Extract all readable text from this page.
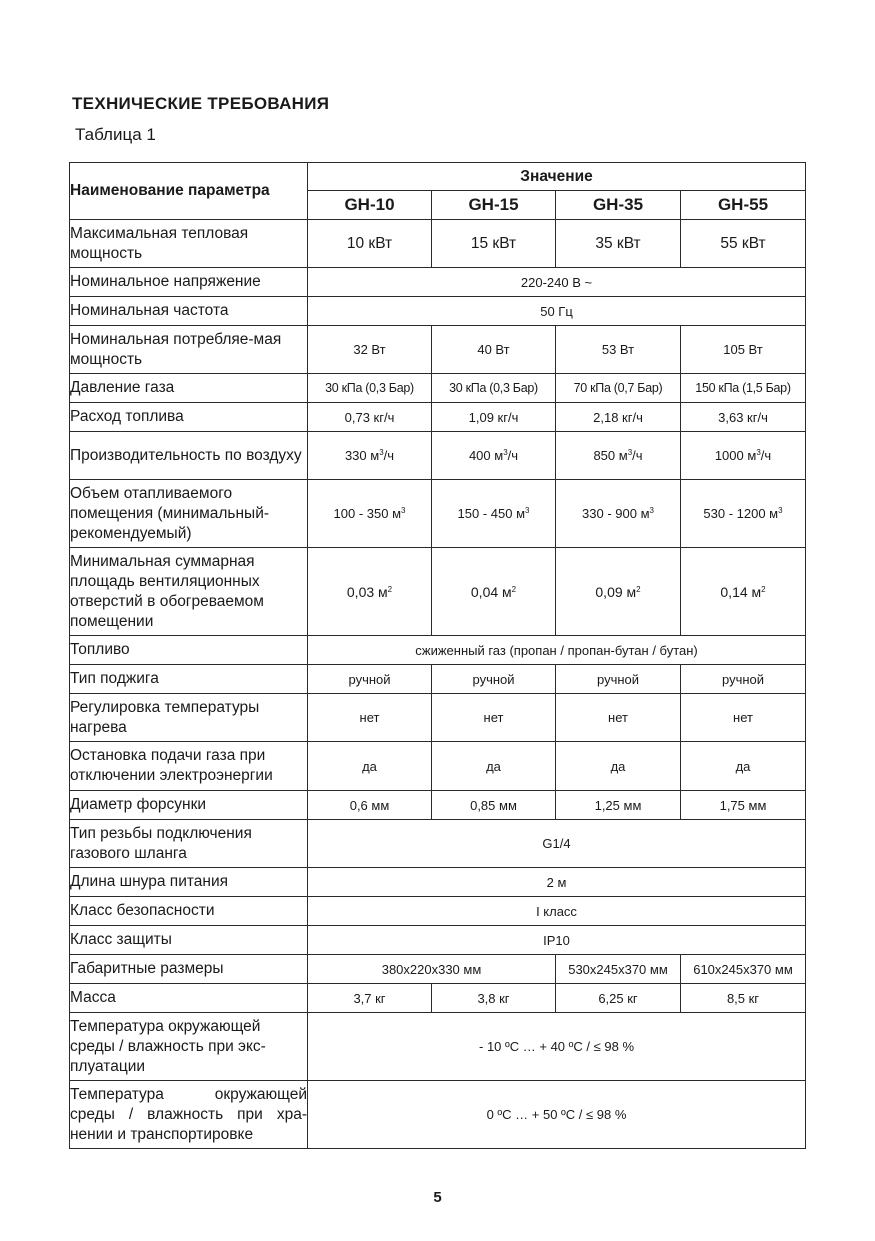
ТЕХНИЧЕСКИЕ ТРЕБОВАНИЯ
Таблица 1
Наименование параметра	Значение			
	GH-10	GH-15	GH-35	GH-55
Максимальная тепловая мощность	10 кВт	15 кВт	35 кВт	55 кВт
Номинальное напряжение	220-240 В ~			
Номинальная частота	50 Гц			
Номинальная потребляе-мая мощность	32 Вт	40 Вт	53 Вт	105 Вт
Давление газа	30 кПа (0,3 Бар)	30 кПа (0,3 Бар)	70 кПа (0,7 Бар)	150 кПа (1,5 Бар)
Расход топлива	0,73 кг/ч	1,09 кг/ч	2,18 кг/ч	3,63 кг/ч
Производительность по воздуху	330 $м^3/ч$	400 $м^3/ч$	850 $м^3/ч$	1000 $м^3/ч$
Объем отапливаемого помещения (минимальный-рекомендуемый)	100 - 350 $м^3$	150 - 450 $м^3$	330 - 900 $м^3$	530 - 1200 $м^3$
Минимальная суммарная площадь вентиляционных отверстий в обогреваемом помещении	0,03 $м^2$	0,04 $м^2$	0,09 $м^2$	0,14 $м^2$
Топливо	сжиженный газ (пропан / пропан-бутан / бутан)			
Тип поджига	ручной	ручной	ручной	ручной
Регулировка температуры нагрева	нет	нет	нет	нет
Остановка подачи газа при отключении электроэнергии	да	да	да	да
Диаметр форсунки	0,6 мм	0,85 мм	1,25 мм	1,75 мм
Тип резьбы подключения газового шланга	G1/4			
Длина шнура питания	2 м			
Класс безопасности	I класс			
Класс защиты	IP10			
Габаритные размеры	380x220x330 мм		530x245x370 мм	610x245x370 мм
Масса	3,7 кг	3,8 кг	6,25 кг	8,5 кг
Температура окружающей среды / влажность при экс-плуатации	- 10 ºС … + 40 ºС / ≤ 98 %			
Температура окружающей среды / влажность при хра-нении и транспортировке	0 ºС … + 50 ºС / ≤ 98 %			
5
